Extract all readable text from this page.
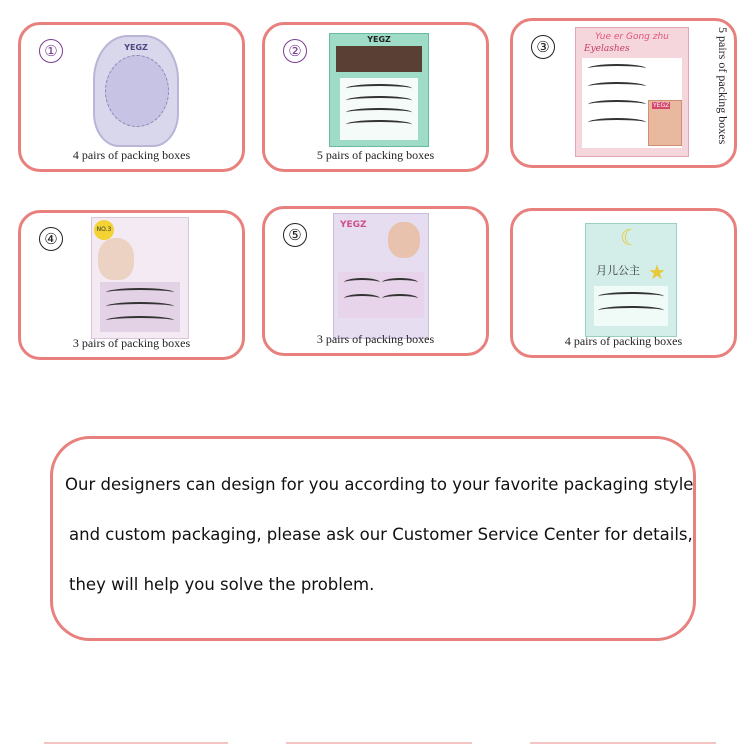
①	YEGZ
4 pairs of packing boxes
②
YEGZ
5 pairs of packing boxes
③
Yue er Gong zhu
Eyelashes
YEGZ	5 pairs of packing boxes
④
NO.3
3 pairs of packing boxes
⑤
YEGZ
3 pairs of packing boxes
☾
★
月儿公主
4 pairs of packing boxes

Our designers can design for you according to your favorite packaging style

and custom packaging, please ask our Customer Service Center for details,

they will help you solve the problem.
